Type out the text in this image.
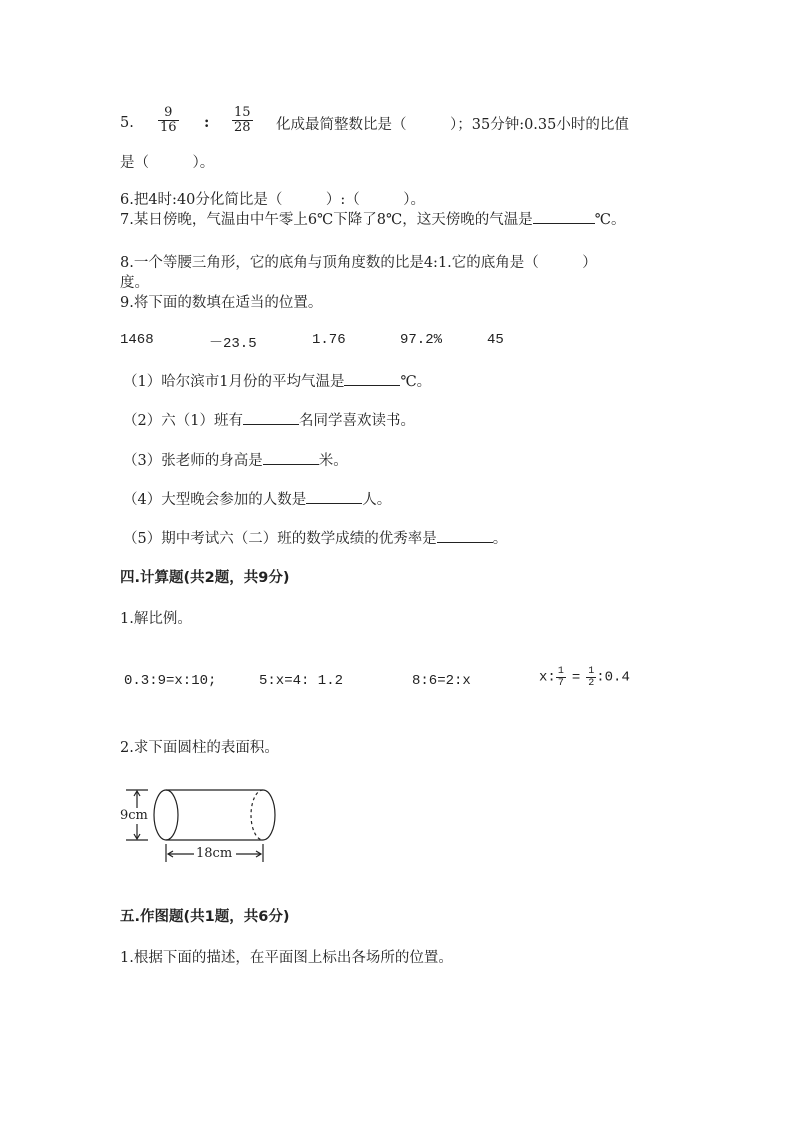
5. $\frac{9}{16}$ : $\frac{15}{28}$ 化成最简整数比是（　　　）；35分钟:0.35小时的比值
是（　　　）。
6.把4时:40分化简比是（　　　）:（　　　）。
7.某日傍晚，气温由中午零上6℃下降了8℃，这天傍晚的气温是	℃。
8.一个等腰三角形，它的底角与顶角度数的比是4:1.它的底角是（　　　）
度。
9.将下面的数填在适当的位置。
1468	－23.5	1.76	97.2%	45
（1）哈尔滨市1月份的平均气温是	℃。
（2）六（1）班有	名同学喜欢读书。
（3）张老师的身高是	米。
（4）大型晚会参加的人数是	人。
（5）期中考试六（二）班的数学成绩的优秀率是	。
四.计算题(共2题，共9分)
1.解比例。
0.3:9=x:10;	5:x=4: 1.2	8:6=2:x	x: $\frac{1}{7} = \frac{1}{2}$ :0.4
2.求下面圆柱的表面积。
9cm
18cm
五.作图题(共1题，共6分)
1.根据下面的描述，在平面图上标出各场所的位置。
